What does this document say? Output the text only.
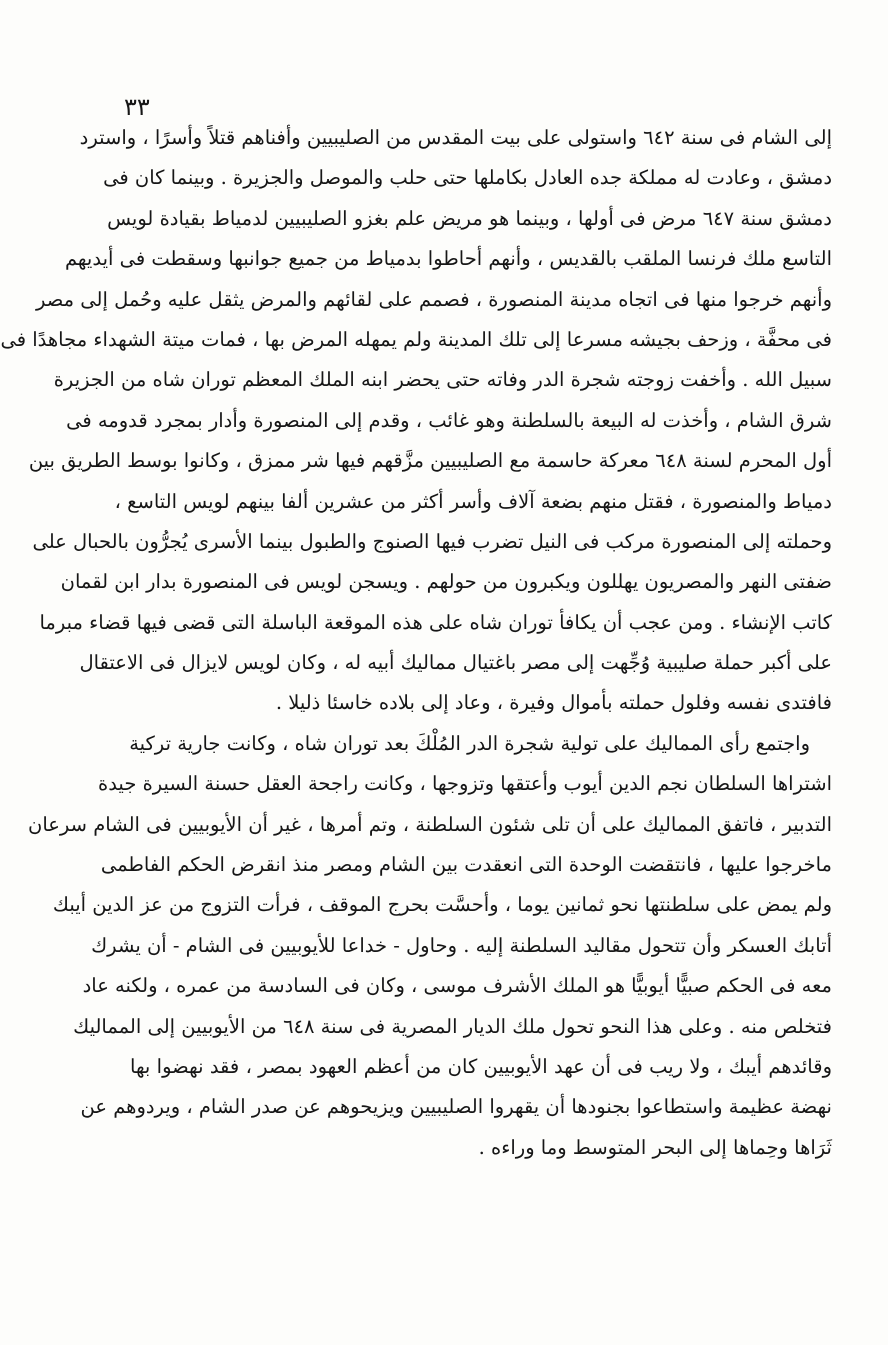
٣٣

إلى الشام فى سنة ٦٤٢ واستولى على بيت المقدس من الصليبيين وأفناهم قتلاً وأسرًا ، واسترد
دمشق ، وعادت له مملكة جده العادل بكاملها حتى حلب والموصل والجزيرة . وبينما كان فى
دمشق سنة ٦٤٧ مرض فى أولها ، وبينما هو مريض علم بغزو الصليبيين لدمياط بقيادة لويس
التاسع ملك فرنسا الملقب بالقديس ، وأنهم أحاطوا بدمياط من جميع جوانبها وسقطت فى أيديهم
وأنهم خرجوا منها فى اتجاه مدينة المنصورة ، فصمم على لقائهم والمرض يثقل عليه وحُمل إلى مصر
فى محفَّة ، وزحف بجيشه مسرعا إلى تلك المدينة ولم يمهله المرض بها ، فمات ميتة الشهداء مجاهدًا فى
سبيل الله . وأخفت زوجته شجرة الدر وفاته حتى يحضر ابنه الملك المعظم توران شاه من الجزيرة
شرق الشام ، وأخذت له البيعة بالسلطنة وهو غائب ، وقدم إلى المنصورة وأدار بمجرد قدومه فى
أول المحرم لسنة ٦٤٨ معركة حاسمة مع الصليبيين مزَّقهم فيها شر ممزق ، وكانوا بوسط الطريق بين
دمياط والمنصورة ، فقتل منهم بضعة آلاف وأسر أكثر من عشرين ألفا بينهم لويس التاسع ،
وحملته إلى المنصورة مركب فى النيل تضرب فيها الصنوج والطبول بينما الأسرى يُجرُّون بالحبال على
ضفتى النهر والمصريون يهللون ويكبرون من حولهم . ويسجن لويس فى المنصورة بدار ابن لقمان
كاتب الإنشاء . ومن عجب أن يكافأ توران شاه على هذه الموقعة الباسلة التى قضى فيها قضاء مبرما
على أكبر حملة صليبية وُجِّهت إلى مصر باغتيال مماليك أبيه له ، وكان لويس لايزال فى الاعتقال
فافتدى نفسه وفلول حملته بأموال وفيرة ، وعاد إلى بلاده خاسئا ذليلا .

واجتمع رأى المماليك على تولية شجرة الدر المُلْكَ بعد توران شاه ، وكانت جارية تركية
اشتراها السلطان نجم الدين أيوب وأعتقها وتزوجها ، وكانت راجحة العقل حسنة السيرة جيدة
التدبير ، فاتفق المماليك على أن تلى شئون السلطنة ، وتم أمرها ، غير أن الأيوبيين فى الشام سرعان
ماخرجوا عليها ، فانتقضت الوحدة التى انعقدت بين الشام ومصر منذ انقرض الحكم الفاطمى
ولم يمض على سلطنتها نحو ثمانين يوما ، وأحسَّت بحرج الموقف ، فرأت التزوج من عز الدين أيبك
أتابك العسكر وأن تتحول مقاليد السلطنة إليه . وحاول - خداعا للأيوبيين فى الشام - أن يشرك
معه فى الحكم صبيًّا أيوبيًّا هو الملك الأشرف موسى ، وكان فى السادسة من عمره ، ولكنه عاد
فتخلص منه . وعلى هذا النحو تحول ملك الديار المصرية فى سنة ٦٤٨ من الأيوبيين إلى المماليك
وقائدهم أيبك ، ولا ريب فى أن عهد الأيوبيين كان من أعظم العهود بمصر ، فقد نهضوا بها
نهضة عظيمة واستطاعوا بجنودها أن يقهروا الصليبيين ويزيحوهم عن صدر الشام ، ويردوهم عن
ثَرَاها وحِماها إلى البحر المتوسط وما وراءه .
